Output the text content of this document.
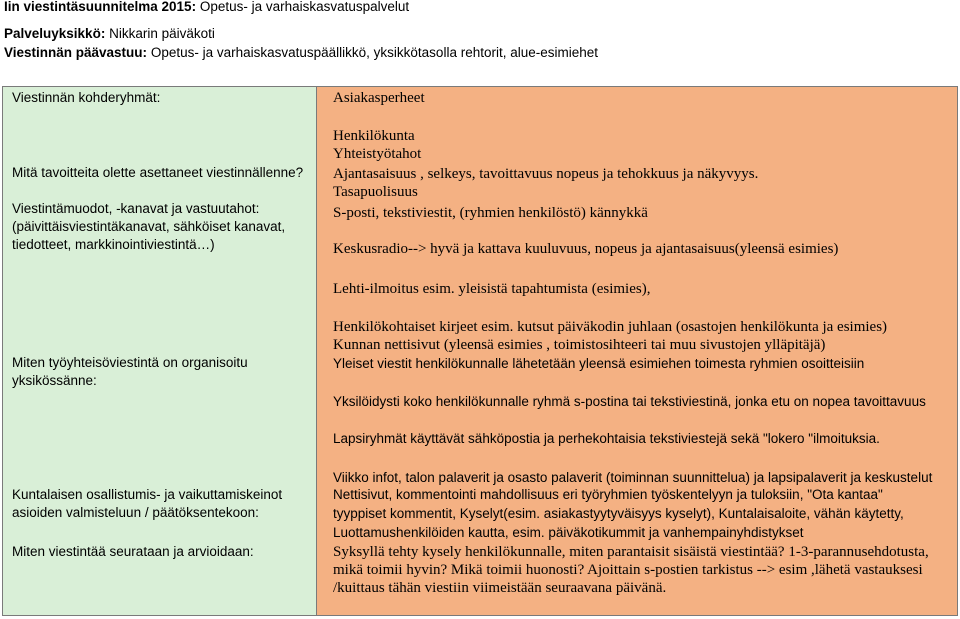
Iin viestintäsuunnitelma 2015: Opetus- ja varhaiskasvatuspalvelut
Palveluyksikkö: Nikkarin päiväkoti
Viestinnän päävastuu: Opetus- ja varhaiskasvatuspäällikkö, yksikkötasolla rehtorit, alue-esimiehet
Viestinnän kohderyhmät:
Mitä tavoitteita olette asettaneet viestinnällenne?
Viestintämuodot, -kanavat ja vastuutahot:
(päivittäisviestintäkanavat, sähköiset kanavat, tiedotteet, markkinointiviestintä…)
Miten työyhteisöviestintä on organisoitu yksikössänne:
Kuntalaisen osallistumis- ja vaikuttamiskeinot asioiden valmisteluun / päätöksentekoon:
Miten viestintää seurataan ja arvioidaan:
Asiakasperheet
Henkilökunta
Yhteistyötahot
Ajantasaisuus , selkeys, tavoittavuus nopeus ja tehokkuus ja näkyvyys.
Tasapuolisuus
S-posti, tekstiviestit, (ryhmien henkilöstö) kännykkä
Keskusradio--> hyvä ja kattava kuuluvuus, nopeus ja ajantasaisuus(yleensä esimies)
Lehti-ilmoitus esim. yleisistä tapahtumista (esimies),
Henkilökohtaiset kirjeet esim. kutsut päiväkodin juhlaan (osastojen henkilökunta ja esimies)
Kunnan nettisivut (yleensä esimies , toimistosihteeri tai muu sivustojen ylläpitäjä)
Yleiset viestit henkilökunnalle lähetetään yleensä esimiehen toimesta ryhmien osoitteisiin
Yksilöidysti koko henkilökunnalle ryhmä s-postina tai tekstiviestinä, jonka etu on nopea tavoittavuus
Lapsiryhmät käyttävät sähköpostia ja perhekohtaisia tekstiviestejä sekä "lokero "ilmoituksia.
Viikko infot, talon palaverit ja osasto palaverit (toiminnan suunnittelua) ja lapsipalaverit ja keskustelut
Nettisivut, kommentointi mahdollisuus eri työryhmien työskentelyyn ja tuloksiin, "Ota kantaa"
tyyppiset kommentit, Kyselyt(esim. asiakastyytyväisyys kyselyt), Kuntalaisaloite, vähän käytetty,
Luottamushenkilöiden kautta, esim. päiväkotikummit ja vanhempainyhdistykset
Syksyllä tehty kysely henkilökunnalle, miten parantaisit sisäistä viestintää? 1-3-parannusehdotusta, mikä toimii hyvin? Mikä toimii huonosti? Ajoittain s-postien tarkistus --> esim ,lähetä vastauksesi /kuittaus tähän viestiin viimeistään seuraavana päivänä.
